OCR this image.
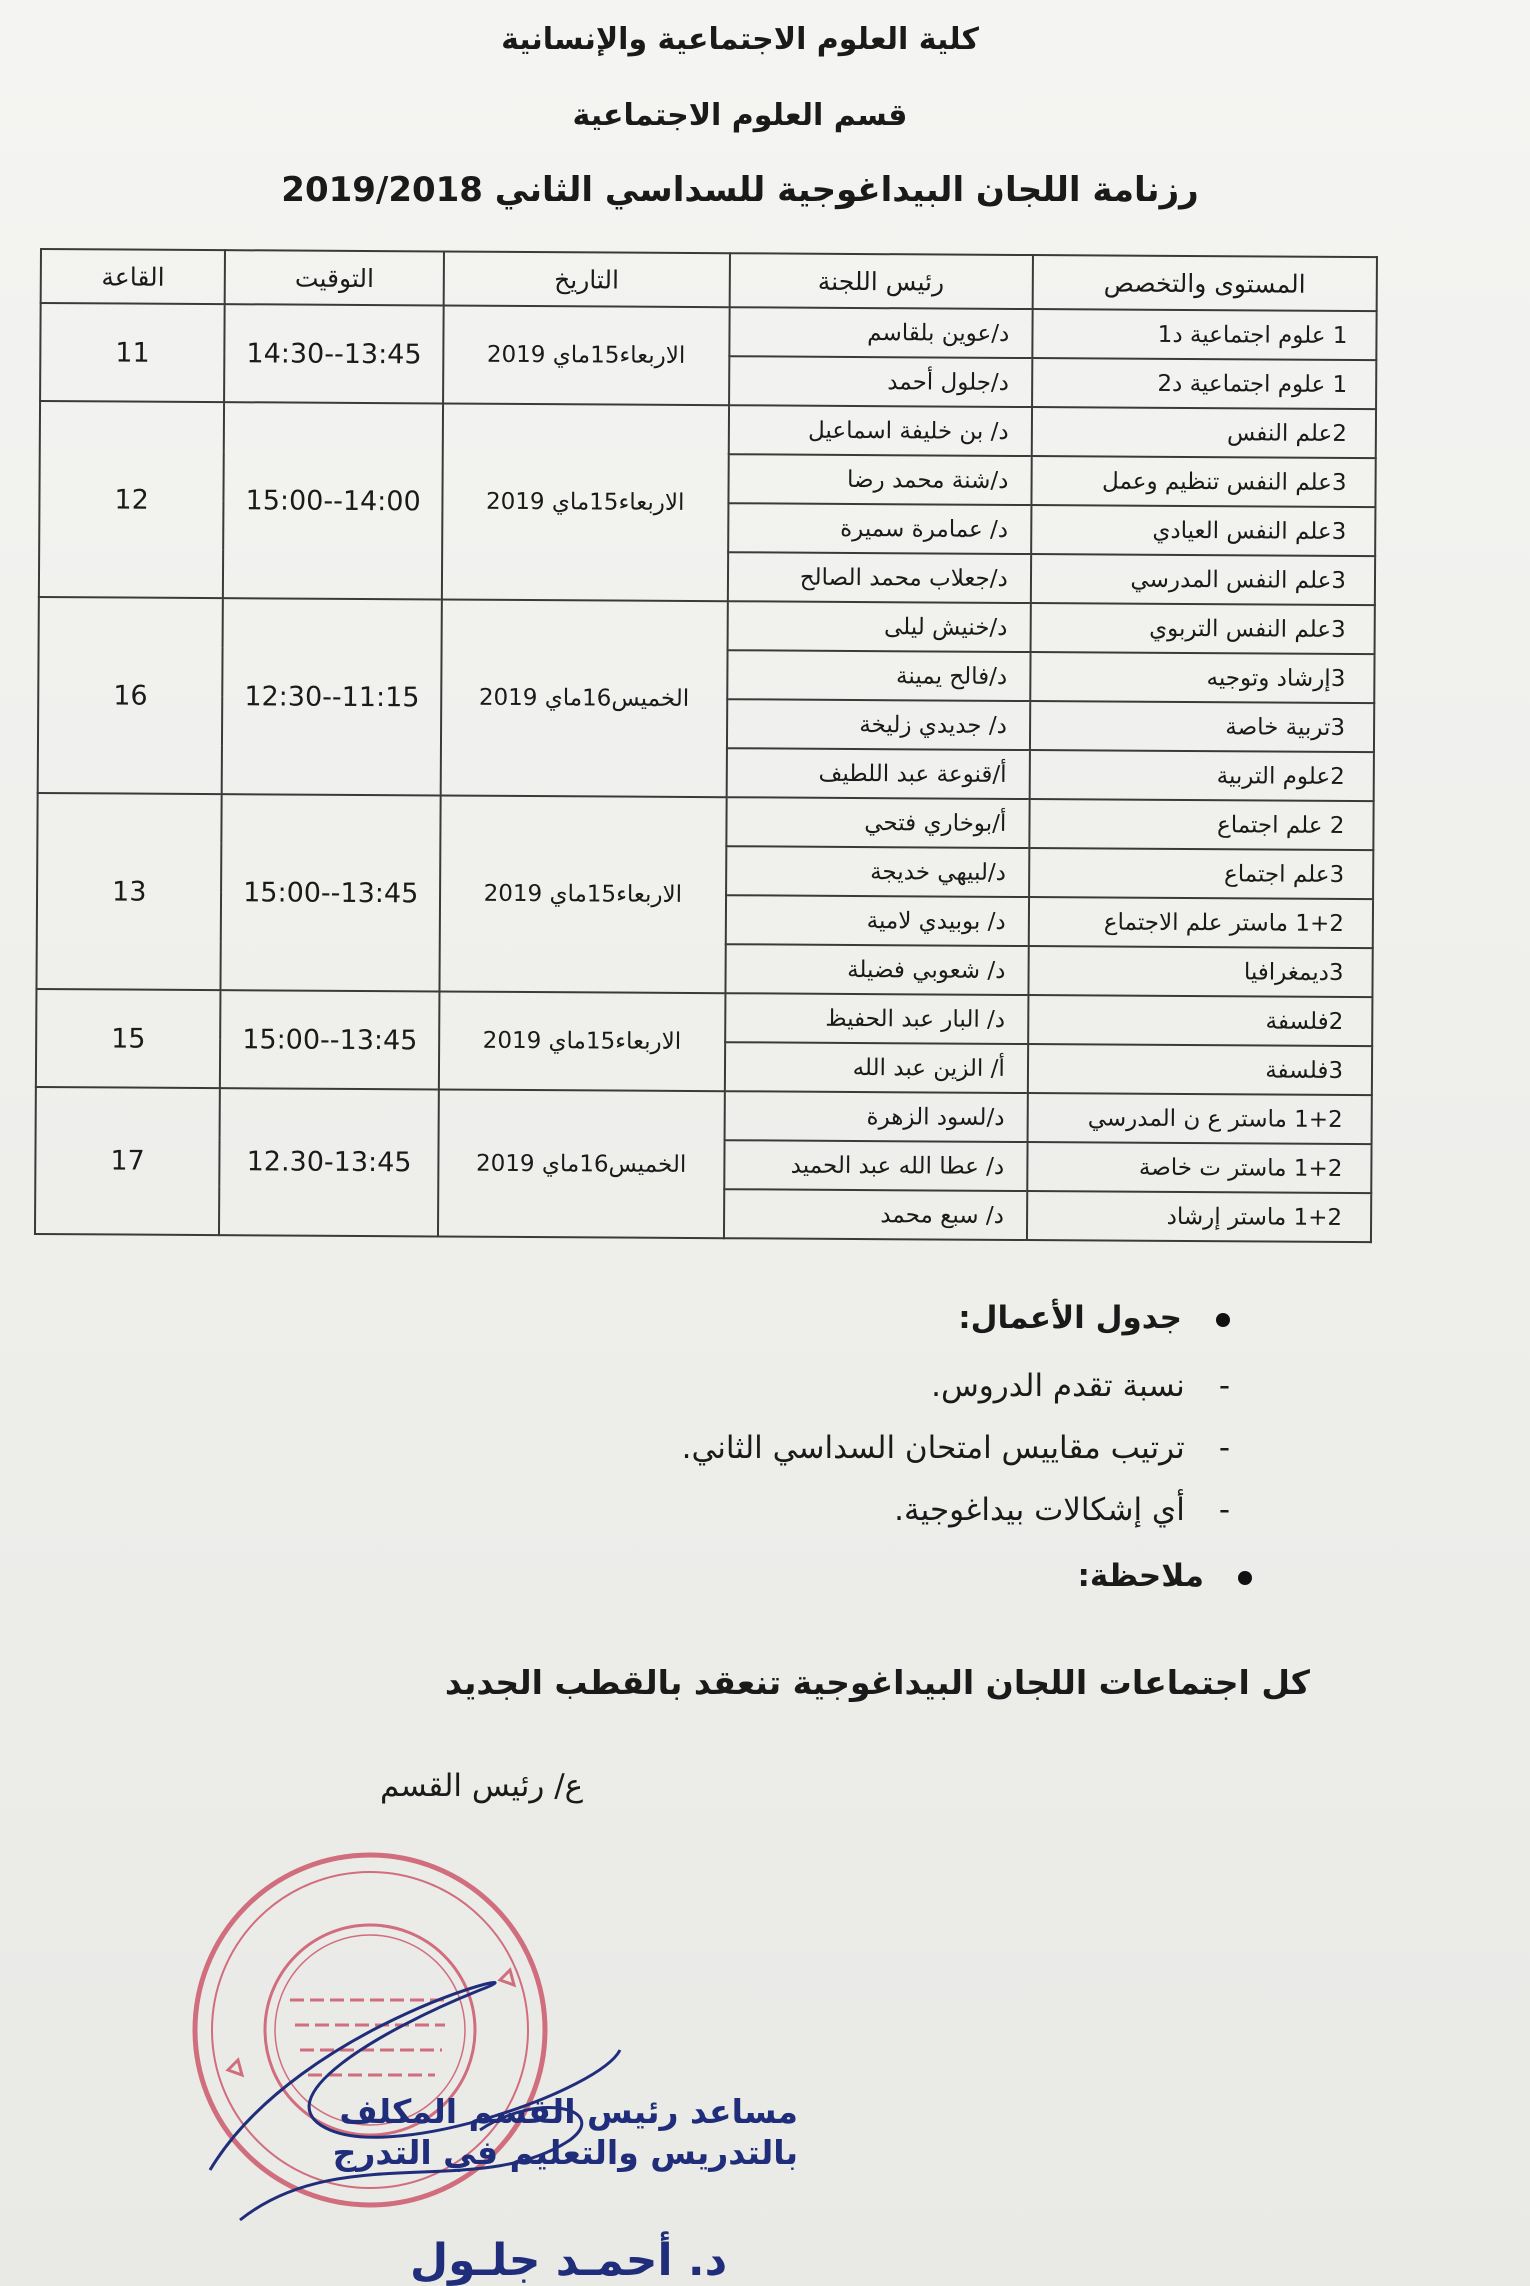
كلية العلوم الاجتماعية والإنسانية
قسم العلوم الاجتماعية
رزنامة اللجان البيداغوجية للسداسي الثاني 2019/2018
المستوى والتخصص	رئيس اللجنة	التاريخ	التوقيت	القاعة
1 علوم اجتماعية د1	د/عوين بلقاسم	الاربعاء15ماي 2019	13:45--14:30	11
1 علوم اجتماعية د2	د/جلول أحمد			
2علم النفس	د/ بن خليفة اسماعيل	الاربعاء15ماي 2019	14:00--15:00	12
3علم النفس تنظيم وعمل	د/شنة محمد رضا			
3علم النفس العيادي	د/ عمامرة سميرة			
3علم النفس المدرسي	د/جعلاب محمد الصالح			
3علم النفس التربوي	د/خنيش ليلى	الخميس16ماي 2019	11:15--12:30	16
3إرشاد وتوجيه	د/فالح يمينة			
3تربية خاصة	د/ جديدي زليخة			
2علوم التربية	أ/قنوعة عبد اللطيف			
2 علم اجتماع	أ/بوخاري فتحي	الاربعاء15ماي 2019	13:45--15:00	13
3علم اجتماع	د/لبيهي خديجة			
1+2 ماستر علم الاجتماع	د/ بوبيدي لامية			
3ديمغرافيا	د/ شعوبي فضيلة			
2فلسفة	د/ البار عبد الحفيظ	الاربعاء15ماي 2019	13:45--15:00	15
3فلسفة	أ/ الزين عبد الله			
1+2 ماستر ع ن المدرسي	د/لسود الزهرة	الخميس16ماي 2019	12.30-13:45	17
1+2 ماستر ت خاصة	د/ عطا الله عبد الحميد			
1+2 ماستر إرشاد	د/ سبع محمد			
جدول الأعمال:
-نسبة تقدم الدروس.
-ترتيب مقاييس امتحان السداسي الثاني.
-أي إشكالات بيداغوجية.
ملاحظة:
كل اجتماعات اللجان البيداغوجية تنعقد بالقطب الجديد
ع/ رئيس القسم
مساعد رئيس القسم المكلف
بالتدريس والتعليم في التدرج
د. أحمـد جلـول
